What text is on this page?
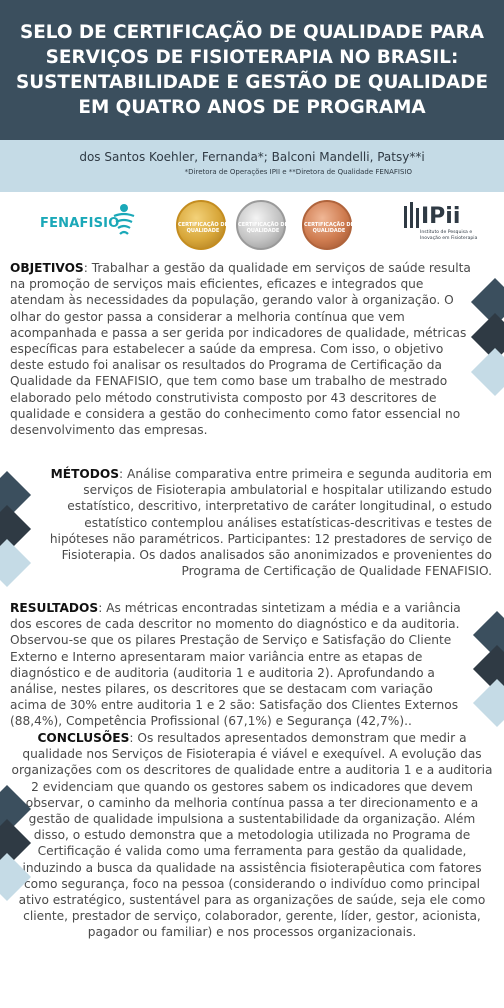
SELO DE CERTIFICAÇÃO DE QUALIDADE PARA
SERVIÇOS DE FISIOTERAPIA NO BRASIL:
SUSTENTABILIDADE E GESTÃO DE QUALIDADE
EM QUATRO ANOS DE PROGRAMA
dos Santos Koehler, Fernanda*; Balconi Mandelli, Patsy**i
*Diretora de Operações IPII e **Diretora de Qualidade FENAFISIO
FENAFISIO	CERTIFICAÇÃO DE QUALIDADE
CERTIFICAÇÃO DE QUALIDADE
CERTIFICAÇÃO DE QUALIDADE
IPii
Instituto de Pesquisa e Inovação em Fisioterapia
OBJETIVOS: Trabalhar a gestão da qualidade em serviços de saúde resulta na promoção de serviços mais eficientes, eficazes e integrados que atendam às necessidades da população, gerando valor à organização. O olhar do gestor passa a considerar a melhoria contínua que vem acompanhada e passa a ser gerida por indicadores de qualidade, métricas específicas para estabelecer a saúde da empresa. Com isso, o objetivo deste estudo foi analisar os resultados do Programa de Certificação da Qualidade da FENAFISIO, que tem como base um trabalho de mestrado elaborado pelo método construtivista composto por 43 descritores de qualidade e considera a gestão do conhecimento como fator essencial no desenvolvimento das empresas.
MÉTODOS: Análise comparativa entre primeira e segunda auditoria em serviços de Fisioterapia ambulatorial e hospitalar utilizando estudo estatístico, descritivo, interpretativo de caráter longitudinal, o estudo estatístico contemplou análises estatísticas-descritivas e testes de hipóteses não paramétricos. Participantes: 12 prestadores de serviço de Fisioterapia. Os dados analisados são anonimizados e provenientes do Programa de Certificação de Qualidade FENAFISIO.
RESULTADOS: As métricas encontradas sintetizam a média e a variância dos escores de cada descritor no momento do diagnóstico e da auditoria. Observou-se que os pilares Prestação de Serviço e Satisfação do Cliente Externo e Interno apresentaram maior variância entre as etapas de diagnóstico e de auditoria (auditoria 1 e auditoria 2). Aprofundando a análise, nestes pilares, os descritores que se destacam com variação acima de 30% entre auditoria 1 e 2 são: Satisfação dos Clientes Externos (88,4%), Competência Profissional (67,1%) e Segurança (42,7%)..
CONCLUSÕES: Os resultados apresentados demonstram que medir a qualidade nos Serviços de Fisioterapia é viável e exequível. A evolução das organizações com os descritores de qualidade entre a auditoria 1 e a auditoria 2 evidenciam que quando os gestores sabem os indicadores que devem observar, o caminho da melhoria contínua passa a ter direcionamento e a gestão de qualidade impulsiona a sustentabilidade da organização. Além disso, o estudo demonstra que a metodologia utilizada no Programa de Certificação é valida como uma ferramenta para gestão da qualidade, induzindo a busca da qualidade na assistência fisioterapêutica com fatores como segurança, foco na pessoa (considerando o indivíduo como principal ativo estratégico, sustentável para as organizações de saúde, seja ele como cliente, prestador de serviço, colaborador, gerente, líder, gestor, acionista, pagador ou familiar) e nos processos organizacionais.
